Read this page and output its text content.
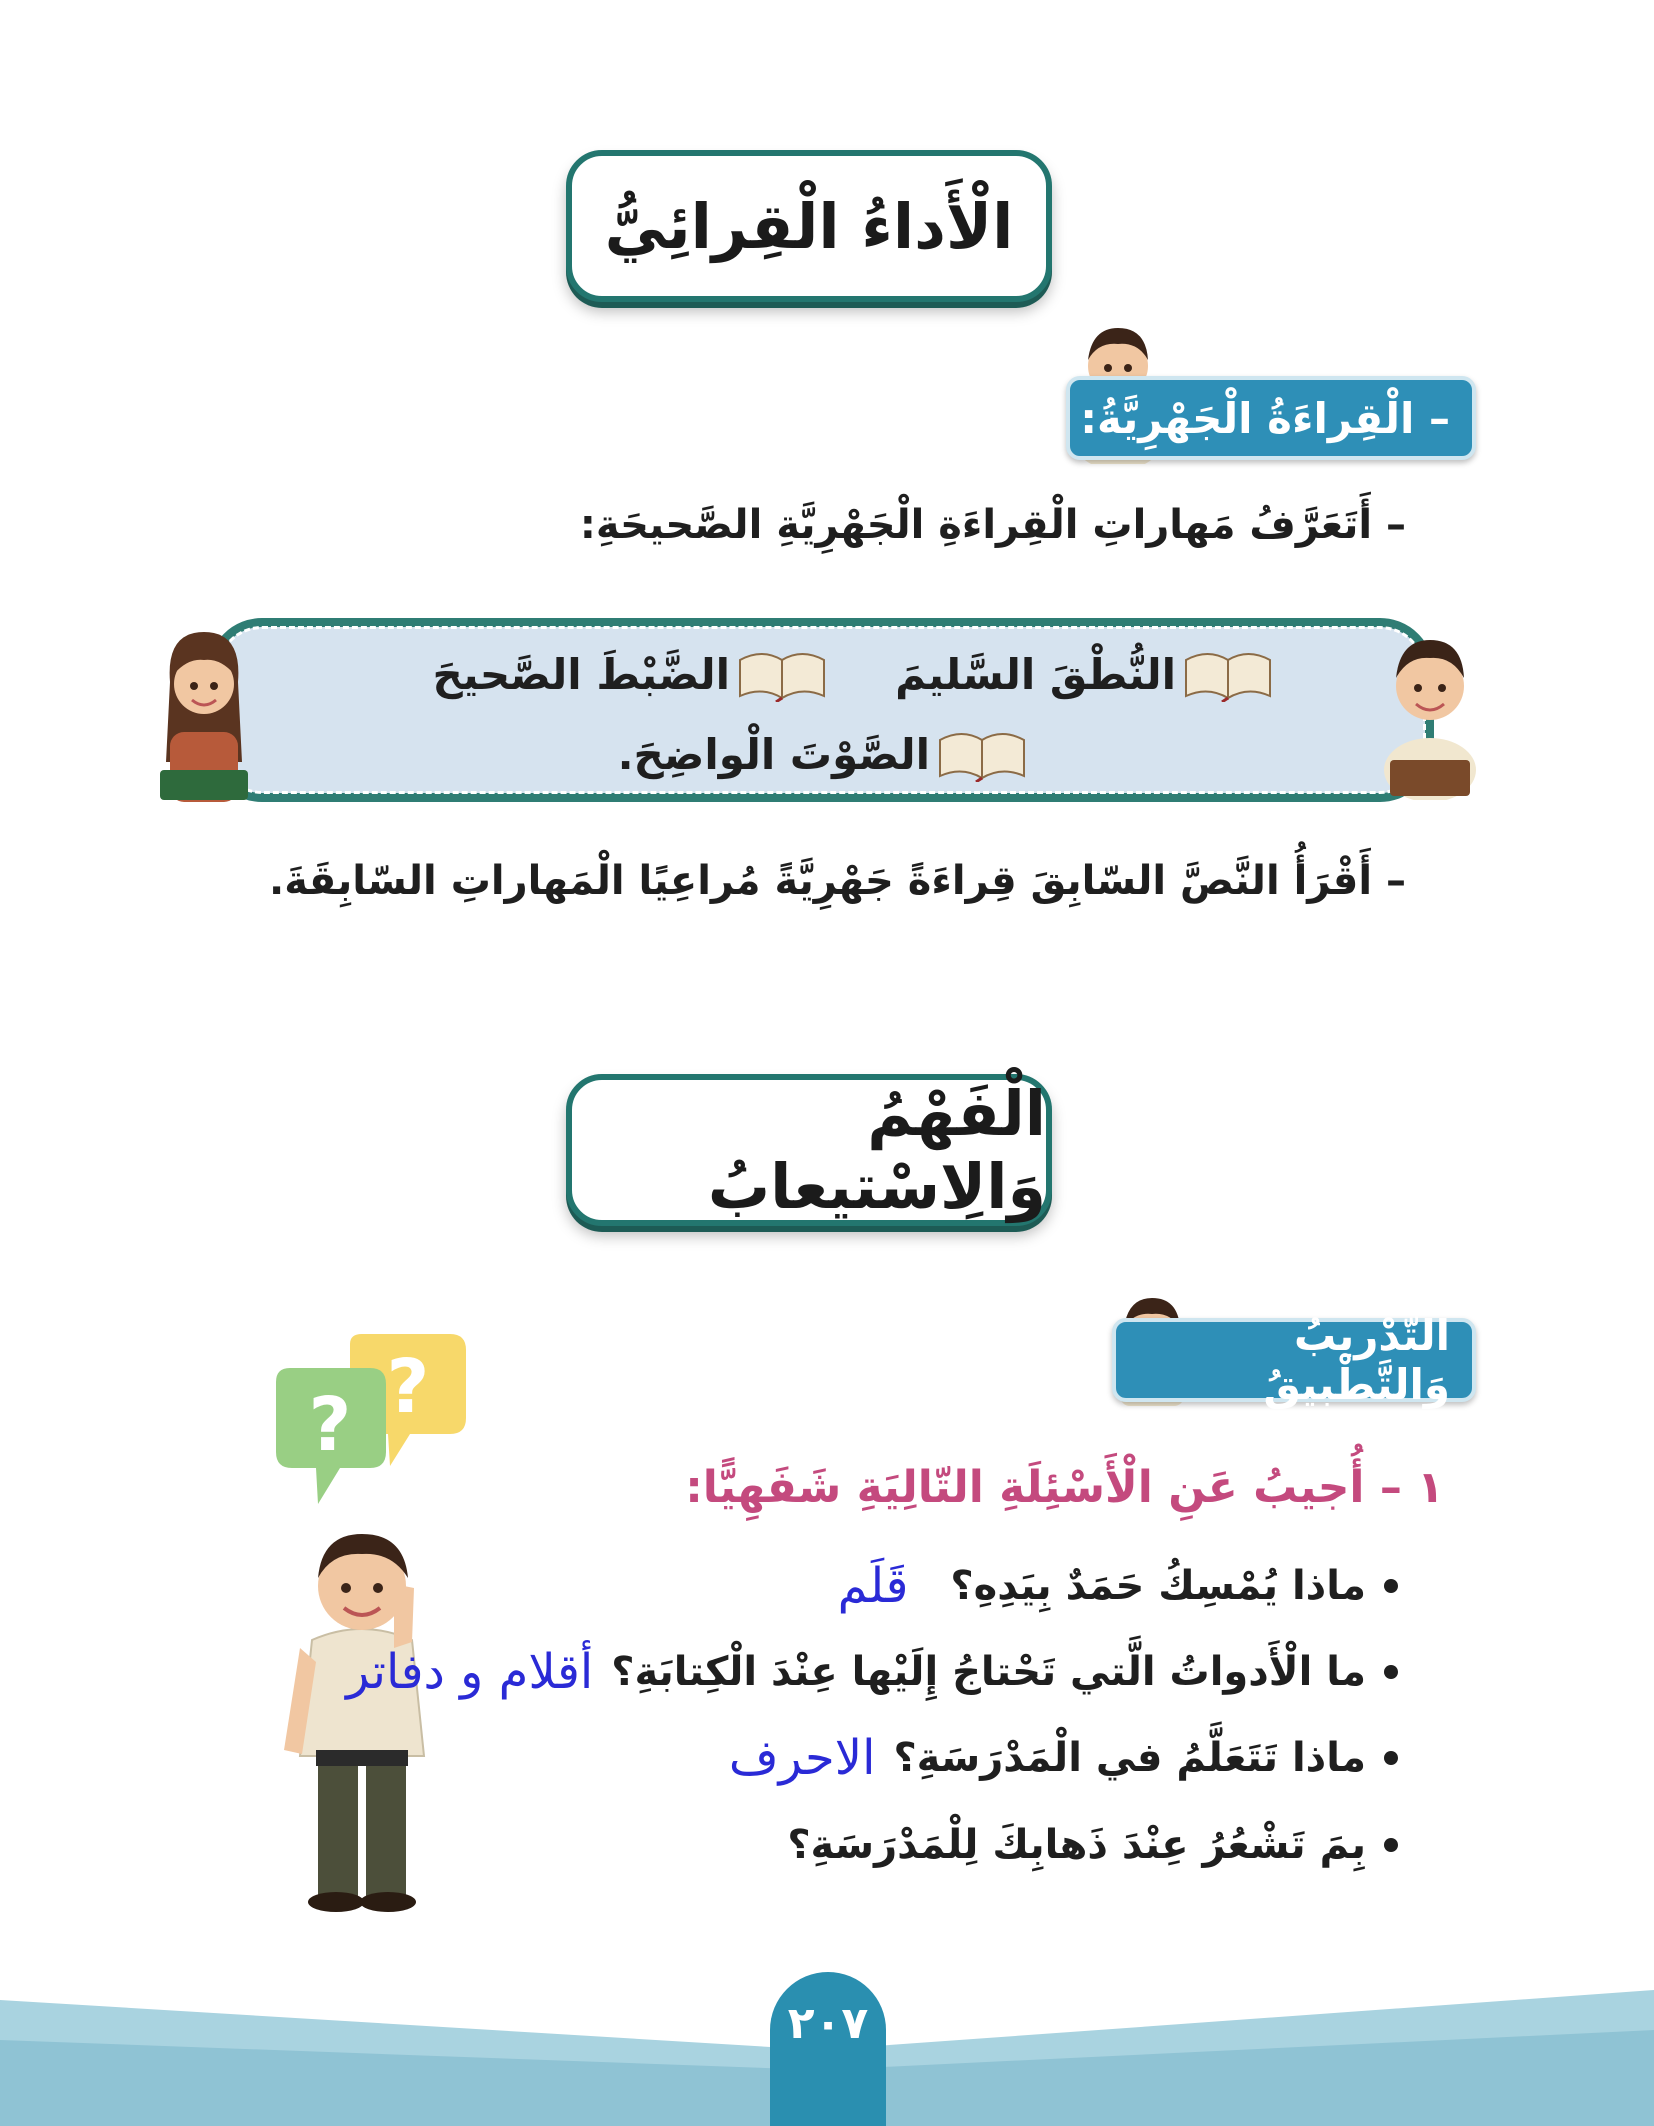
الْأَداءُ الْقِرائِيُّ
– الْقِراءَةُ الْجَهْرِيَّةُ:
– أَتَعَرَّفُ مَهاراتِ الْقِراءَةِ الْجَهْرِيَّةِ الصَّحيحَةِ:
النُّطْقَ السَّليمَ
الضَّبْطَ الصَّحيحَ
الصَّوْتَ الْواضِحَ.
– أَقْرَأُ النَّصَّ السّابِقَ قِراءَةً جَهْرِيَّةً مُراعِيًا الْمَهاراتِ السّابِقَةَ.
الْفَهْمُ وَالِاسْتيعابُ
التَّدْريبُ وَالتَّطْبيقُ
?
?
١ – أُجيبُ عَنِ الْأَسْئِلَةِ التّالِيَةِ شَفَهِيًّا:
ماذا يُمْسِكُ حَمَدٌ بِيَدِهِ؟
قَلَم
ما الْأَدواتُ الَّتي تَحْتاجُ إِلَيْها عِنْدَ الْكِتابَةِ؟
أقلام و دفاتر
ماذا تَتَعَلَّمُ في الْمَدْرَسَةِ؟
الاحرف
بِمَ تَشْعُرُ عِنْدَ ذَهابِكَ لِلْمَدْرَسَةِ؟
٢٠٧
